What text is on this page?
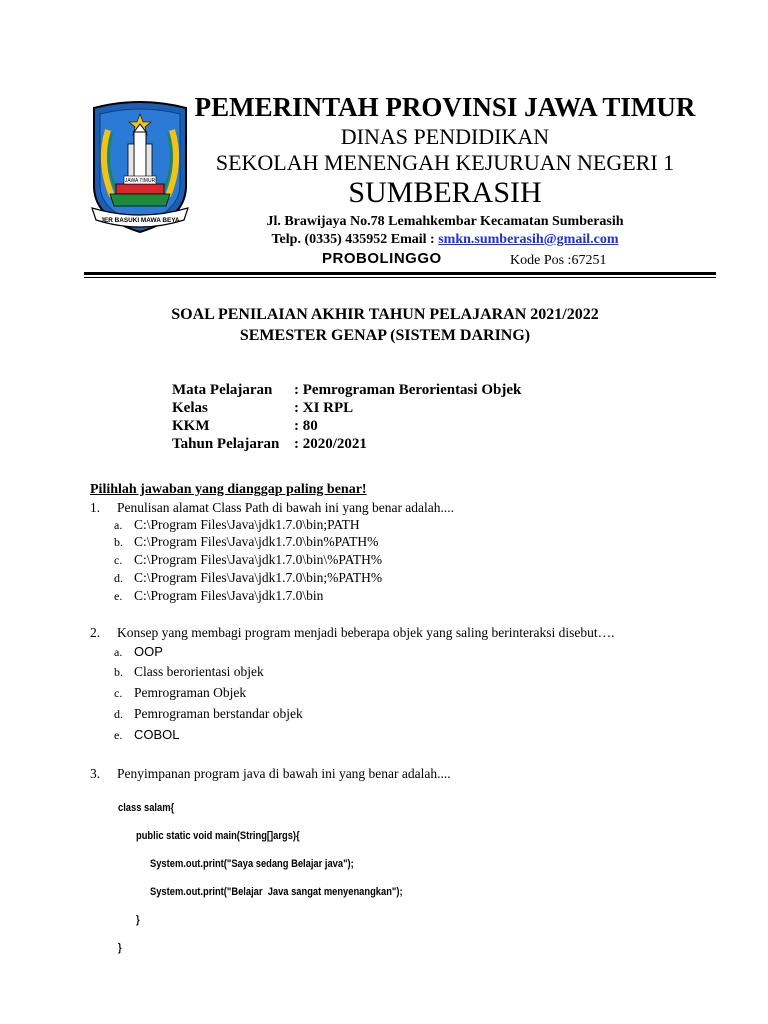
JAWA TIMUR
JER BASUKI MAWA BEYA
PEMERINTAH PROVINSI JAWA TIMUR
DINAS PENDIDIKAN
SEKOLAH MENENGAH KEJURUAN NEGERI 1
SUMBERASIH
Jl. Brawijaya No.78 Lemahkembar Kecamatan Sumberasih
Telp. (0335) 435952 Email : smkn.sumberasih@gmail.com
PROBOLINGGO	Kode Pos :67251
SOAL PENILAIAN AKHIR TAHUN PELAJARAN 2021/2022
SEMESTER GENAP (SISTEM DARING)
Mata Pelajaran : Pemrograman Berorientasi Objek
Kelas	: XI RPL
KKM	: 80
Tahun Pelajaran : 2020/2021
Pilihlah jawaban yang dianggap paling benar!
1. Penulisan alamat Class Path di bawah ini yang benar adalah....
a. C:\Program Files\Java\jdk1.7.0\bin;PATH
b. C:\Program Files\Java\jdk1.7.0\bin%PATH%
c. C:\Program Files\Java\jdk1.7.0\bin\%PATH%
d. C:\Program Files\Java\jdk1.7.0\bin;%PATH%
e. C:\Program Files\Java\jdk1.7.0\bin
2. Konsep yang membagi program menjadi beberapa objek yang saling berinteraksi disebut….
a. OOP
b. Class berorientasi objek
c. Pemrograman Objek
d. Pemrograman berstandar objek
e. COBOL
3. Penyimpanan program java di bawah ini yang benar adalah....
class salam{
public static void main(String[]args){
System.out.print("Saya sedang Belajar java");
System.out.print("Belajar  Java sangat menyenangkan");
}
}
